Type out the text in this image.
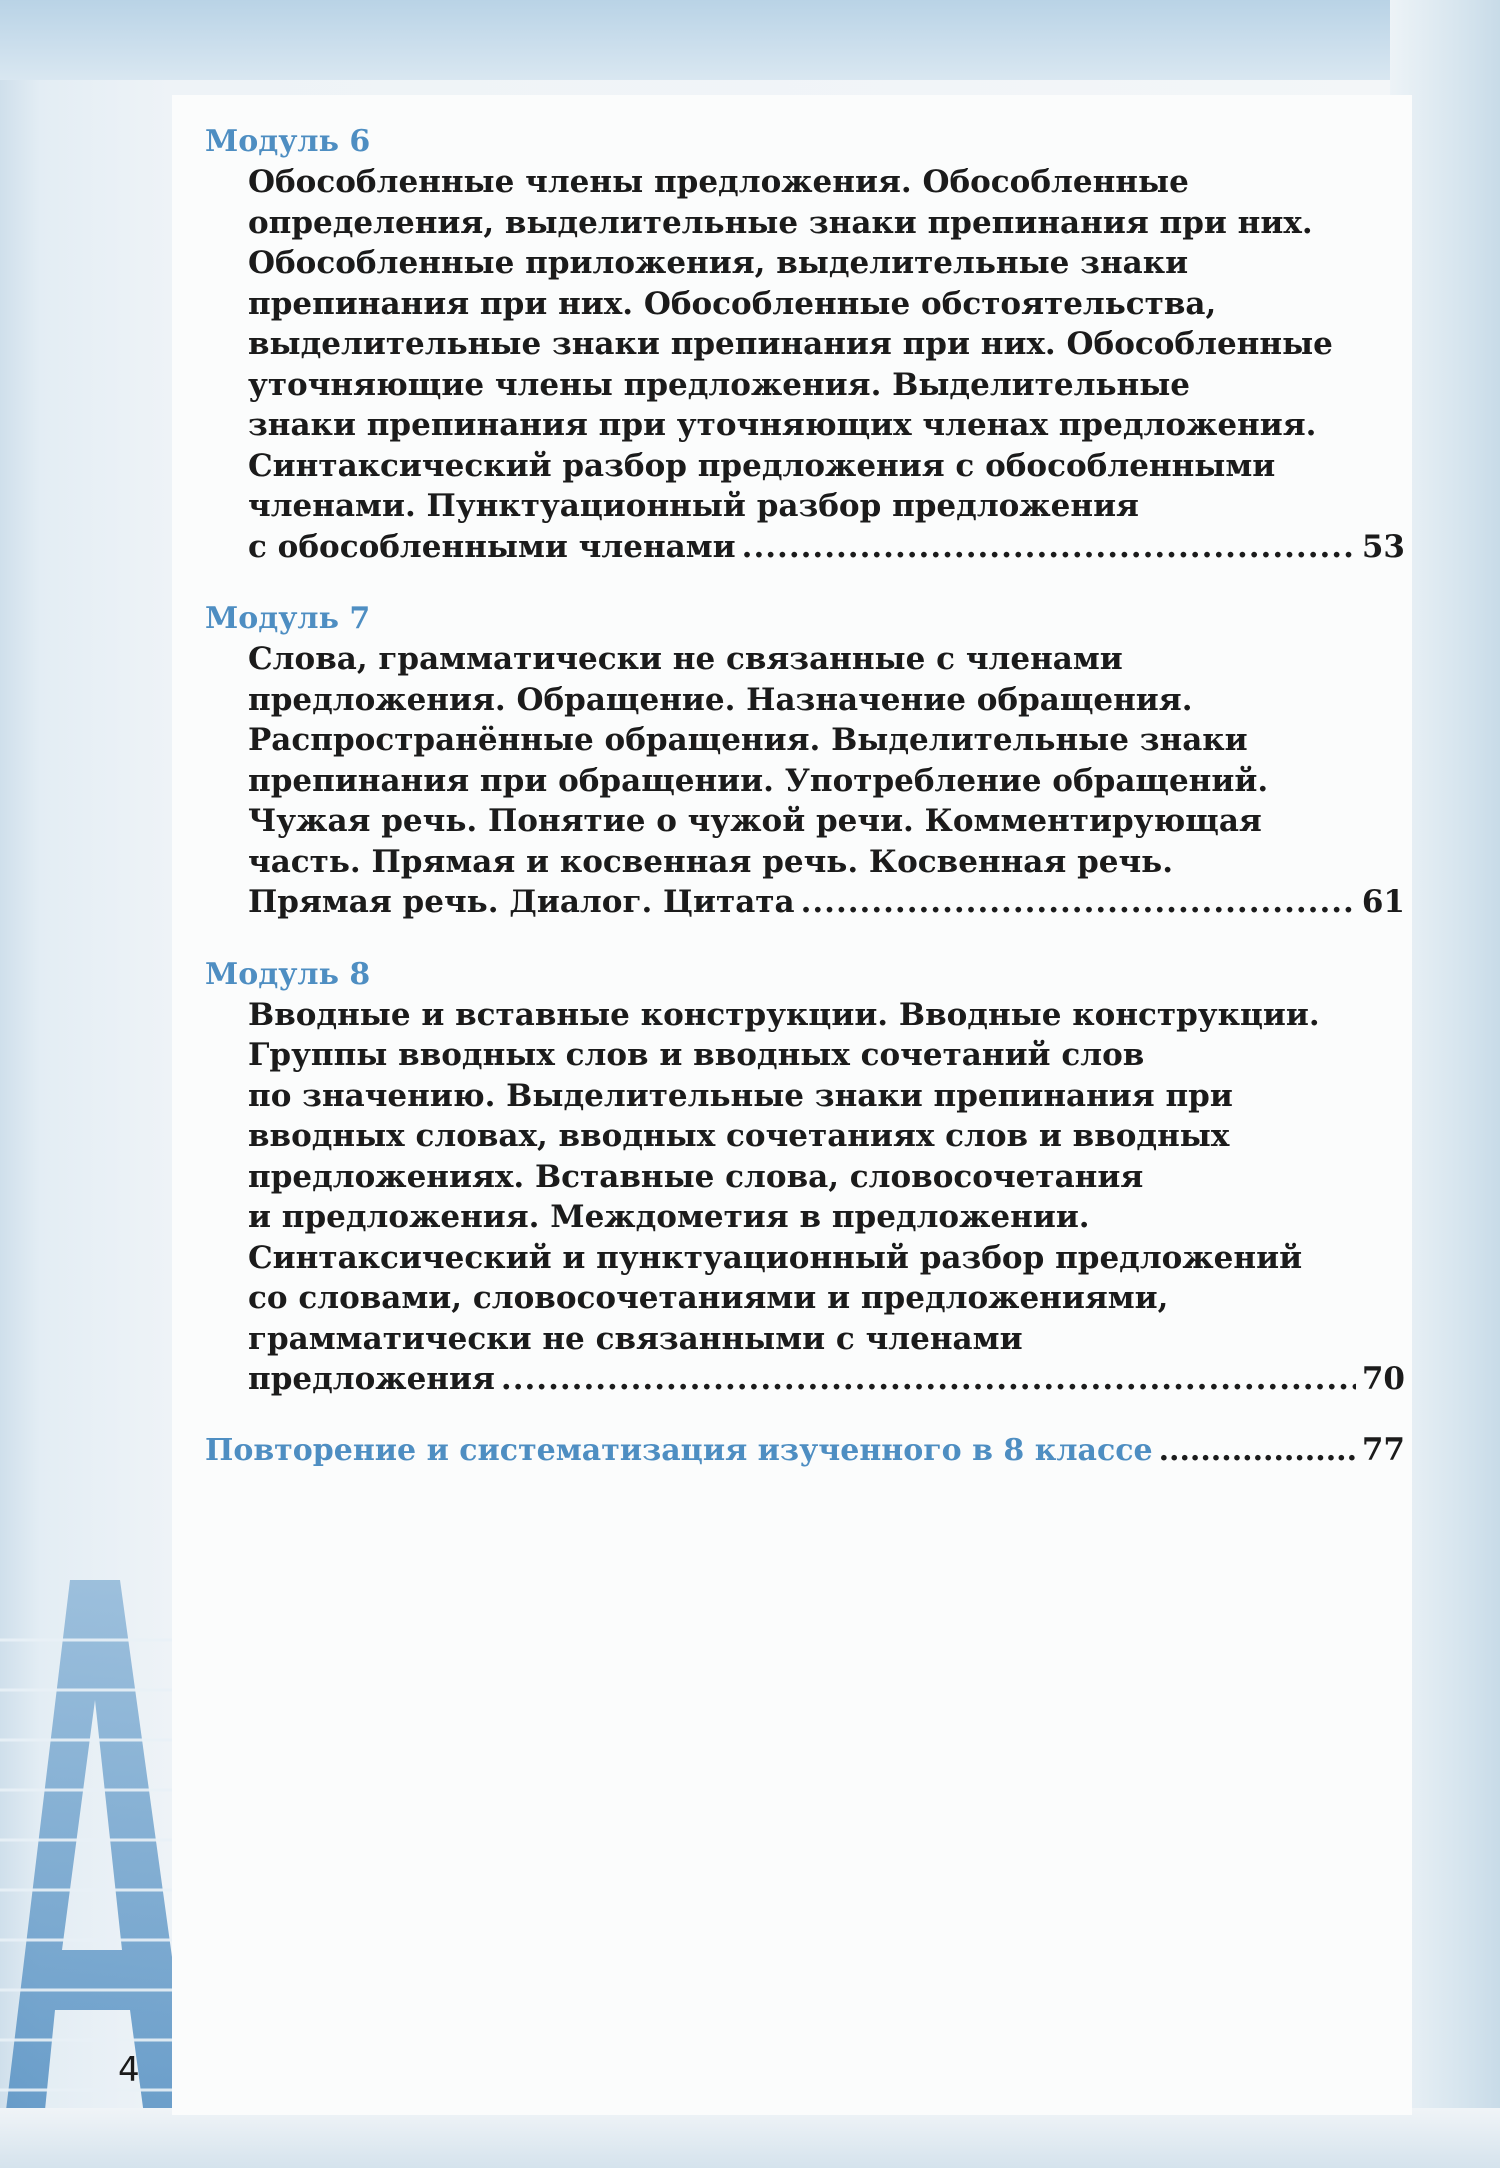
Модуль 6
Обособленные члены предложения. Обособленные
определения, выделительные знаки препинания при них.
Обособленные приложения, выделительные знаки
препинания при них. Обособленные обстоятельства,
выделительные знаки препинания при них. Обособленные
уточняющие члены предложения. Выделительные
знаки препинания при уточняющих членах предложения.
Синтаксический разбор предложения с обособленными
членами. Пунктуационный разбор предложения
с обособленными членами .....	53
Модуль 7
Слова, грамматически не связанные с членами
предложения. Обращение. Назначение обращения.
Распространённые обращения. Выделительные знаки
препинания при обращении. Употребление обращений.
Чужая речь. Понятие о чужой речи. Комментирующая
часть. Прямая и косвенная речь. Косвенная речь.
Прямая речь. Диалог. Цитата .....	61
Модуль 8
Вводные и вставные конструкции. Вводные конструкции.
Группы вводных слов и вводных сочетаний слов
по значению. Выделительные знаки препинания при
вводных словах, вводных сочетаниях слов и вводных
предложениях. Вставные слова, словосочетания
и предложения. Междометия в предложении.
Синтаксический и пунктуационный разбор предложений
со словами, словосочетаниями и предложениями,
грамматически не связанными с членами
предложения .....	70
Повторение и систематизация изученного в 8 классе .....	77
4
